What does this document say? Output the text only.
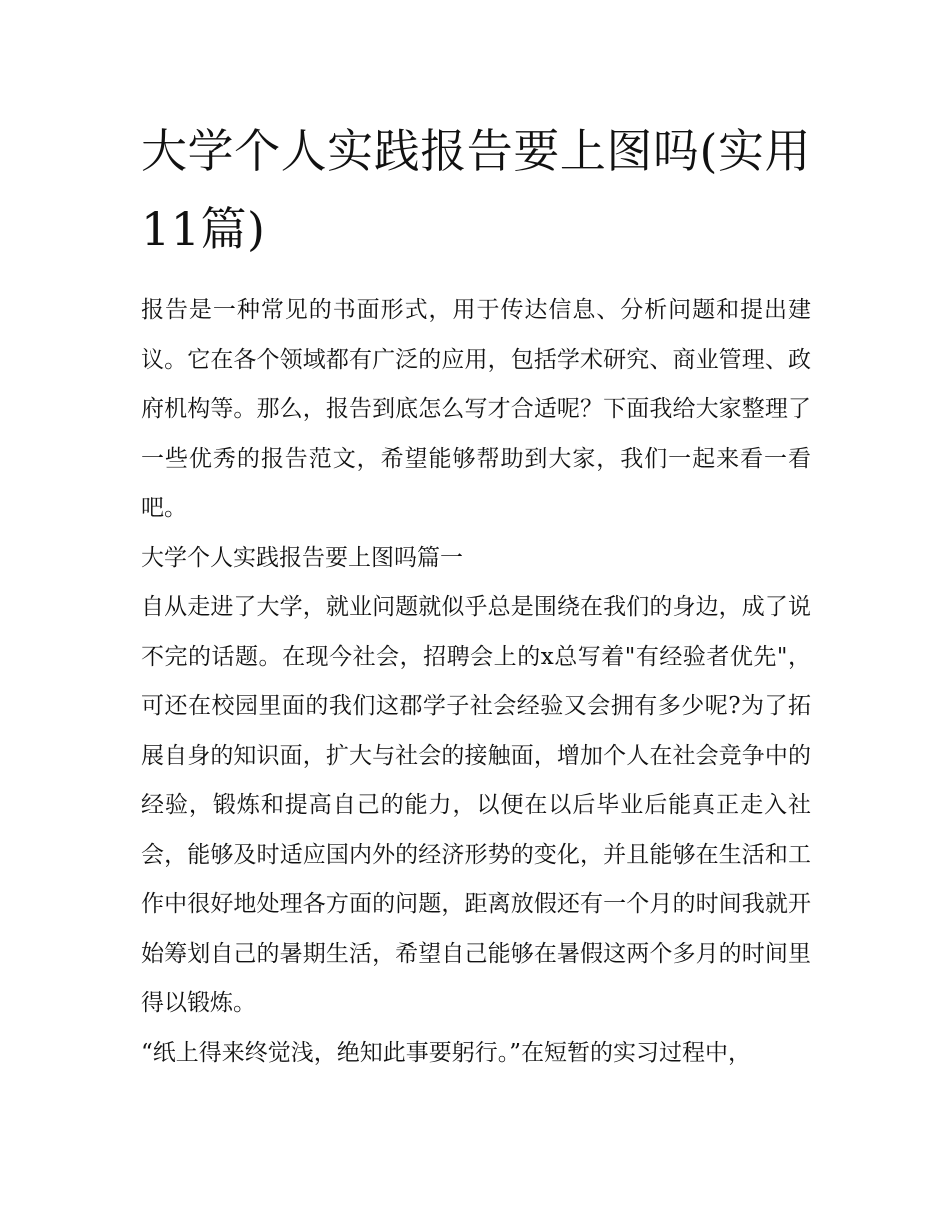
大学个人实践报告要上图吗(实用11篇)

报告是一种常见的书面形式，用于传达信息、分析问题和提出建议。它在各个领域都有广泛的应用，包括学术研究、商业管理、政府机构等。那么，报告到底怎么写才合适呢？下面我给大家整理了一些优秀的报告范文，希望能够帮助到大家，我们一起来看一看吧。

大学个人实践报告要上图吗篇一

自从走进了大学，就业问题就似乎总是围绕在我们的身边，成了说不完的话题。在现今社会，招聘会上的x总写着"有经验者优先"，可还在校园里面的我们这郡学子社会经验又会拥有多少呢?为了拓展自身的知识面，扩大与社会的接触面，增加个人在社会竞争中的经验，锻炼和提高自己的能力，以便在以后毕业后能真正走入社会，能够及时适应国内外的经济形势的变化，并且能够在生活和工作中很好地处理各方面的问题，距离放假还有一个月的时间我就开始筹划自己的暑期生活，希望自己能够在暑假这两个多月的时间里得以锻炼。

“纸上得来终觉浅，绝知此事要躬行。”在短暂的实习过程中，
